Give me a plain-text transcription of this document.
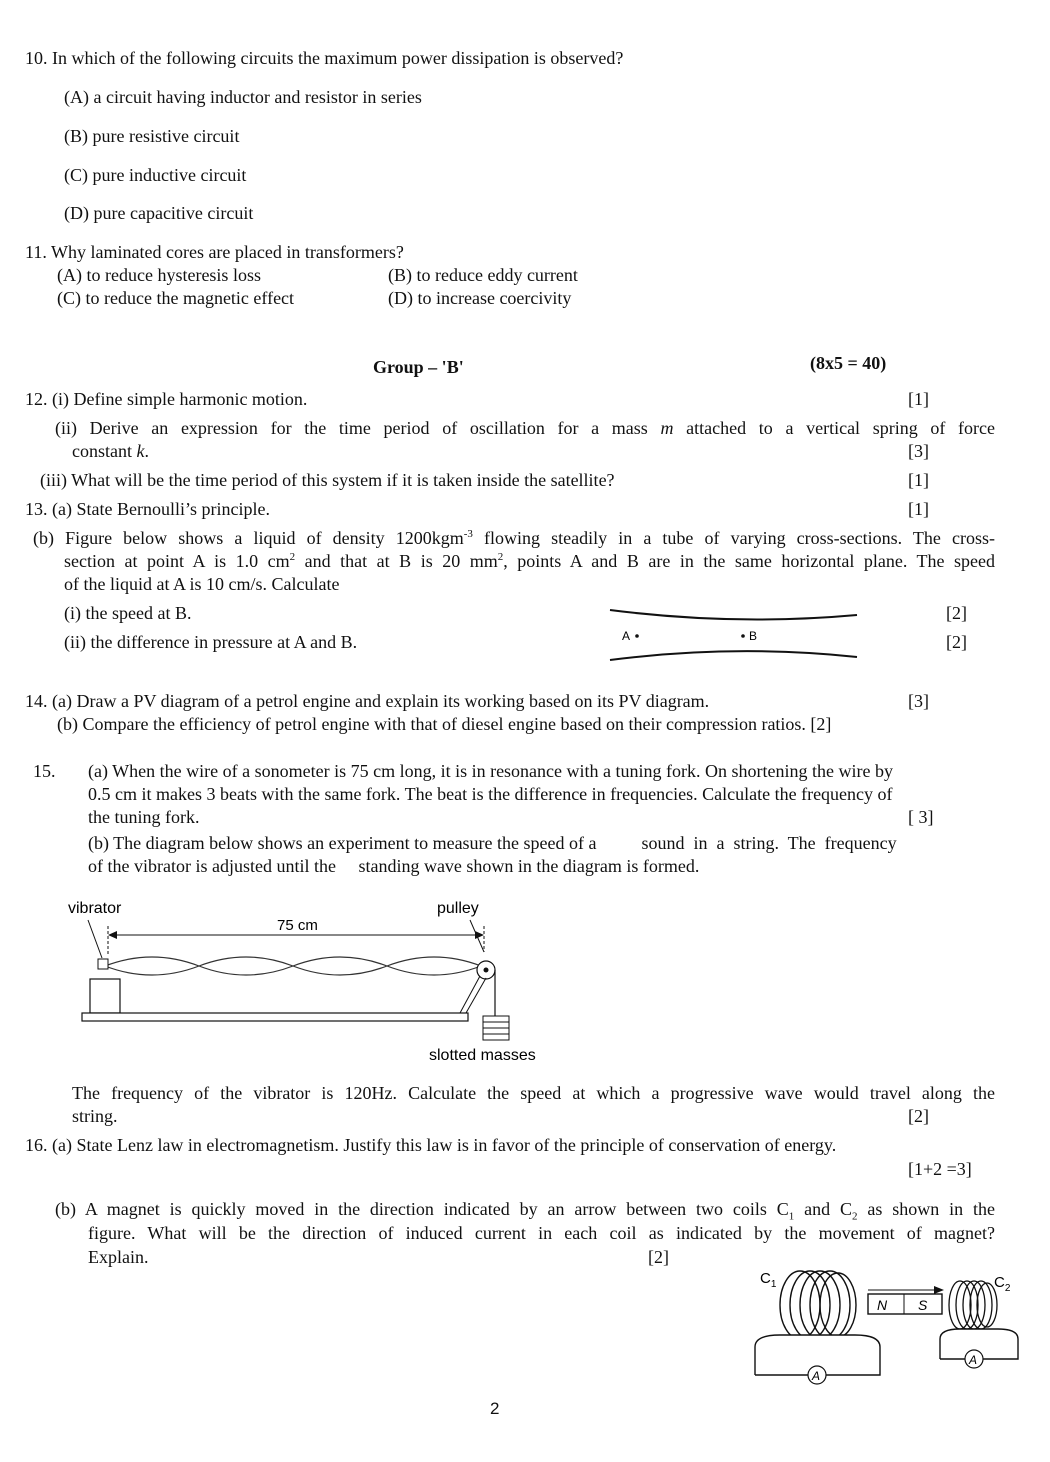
10. In which of the following circuits the maximum power dissipation is observed?
(A) a circuit having inductor and resistor in series
(B) pure resistive circuit
(C) pure inductive circuit
(D) pure capacitive circuit
11. Why laminated cores are placed in transformers?
(A) to reduce hysteresis loss	(B) to reduce eddy current
(C) to reduce the magnetic effect	(D) to increase coercivity
Group – 'B'	(8x5 = 40)
12. (i) Define simple harmonic motion.	[1]
(ii) Derive an expression for the time period of oscillation for a mass m attached to a vertical spring of force
constant k.	[3]
(iii) What will be the time period of this system if it is taken inside the satellite?	[1]
13. (a) State Bernoulli’s principle.	[1]
(b) Figure below shows a liquid of density 1200kgm$^{-3}$ flowing steadily in a tube of varying cross-sections. The cross-
section at point A is 1.0 $cm^2$ and that at B is 20 $mm^2$, points A and B are in the same horizontal plane. The speed
of the liquid at A is 10 cm/s. Calculate
(i) the speed at B.	[2]
(ii) the difference in pressure at A and B.	[2]
A	B
14. (a) Draw a PV diagram of a petrol engine and explain its working based on its PV diagram.	[3]
(b) Compare the efficiency of petrol engine with that of diesel engine based on their compression ratios. [2]
15. (a) When the wire of a sonometer is 75 cm long, it is in resonance with a tuning fork. On shortening the wire by
0.5 cm it makes 3 beats with the same fork. The beat is the difference in frequencies. Calculate the frequency of
the tuning fork.	[ 3]
(b) The diagram below shows an experiment to measure the speed of a          sound  in  a  string.  The  frequency
of the vibrator is adjusted until the     standing wave shown in the diagram is formed.
vibrator	pulley
75 cm
slotted masses
The frequency of the vibrator is 120Hz. Calculate the speed at which a progressive wave would travel along the
string.	[2]
16. (a) State Lenz law in electromagnetism. Justify this law is in favor of the principle of conservation of energy.
[1+2 =3]
(b) A magnet is quickly moved in the direction indicated by an arrow between two coils $C_1$ and $C_2$ as shown in the
figure. What will be the direction of induced current in each coil as indicated by the movement of magnet?
Explain.	[2]
$C_1$
A
N S
$C_2$
A
2
